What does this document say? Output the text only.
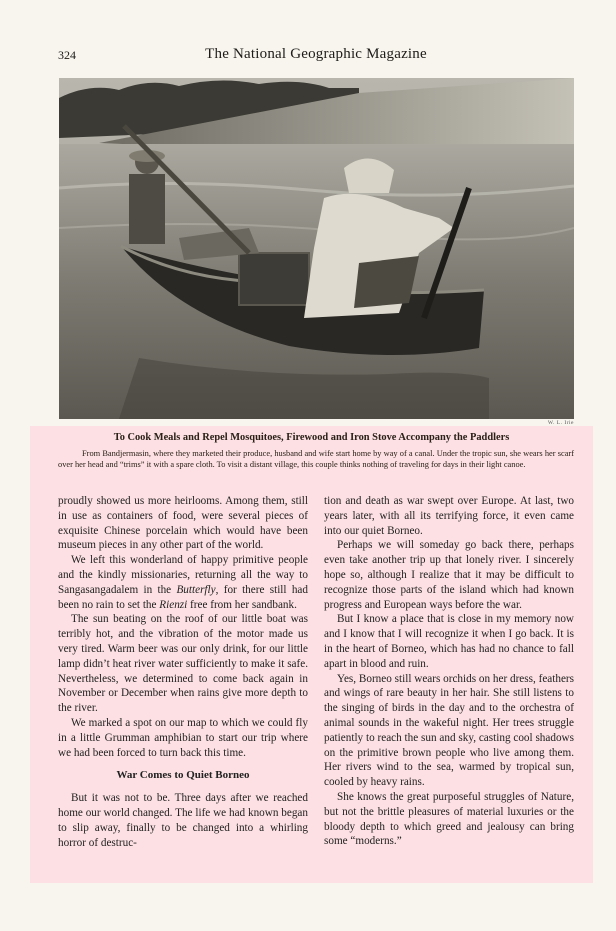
324	The National Geographic Magazine
W. L. Irie
To Cook Meals and Repel Mosquitoes, Firewood and Iron Stove Accompany the Paddlers
From Bandjermasin, where they marketed their produce, husband and wife start home by way of a canal. Under the tropic sun, she wears her scarf over her head and “trims” it with a spare cloth. To visit a distant village, this couple thinks nothing of traveling for days in their light canoe.

proudly showed us more heirlooms. Among them, still in use as containers of food, were several pieces of exquisite Chinese porcelain which would have been museum pieces in any other part of the world.

We left this wonderland of happy primitive people and the kindly missionaries, returning all the way to Sangasangadalem in the Butterfly, for there still had been no rain to set the Rienzi free from her sandbank.

The sun beating on the roof of our little boat was terribly hot, and the vibration of the motor made us very tired. Warm beer was our only drink, for our little lamp didn’t heat river water sufficiently to make it safe. Nevertheless, we determined to come back again in November or December when rains give more depth to the river.

We marked a spot on our map to which we could fly in a little Grumman amphibian to start our trip where we had been forced to turn back this time.

War Comes to Quiet Borneo

But it was not to be. Three days after we reached home our world changed. The life we had known began to slip away, finally to be changed into a whirling horror of destruc-

tion and death as war swept over Europe. At last, two years later, with all its terrifying force, it even came into our quiet Borneo.

Perhaps we will someday go back there, perhaps even take another trip up that lonely river. I sincerely hope so, although I realize that it may be difficult to recognize those parts of the island which had known progress and European ways before the war.

But I know a place that is close in my memory now and I know that I will recognize it when I go back. It is in the heart of Borneo, which has had no chance to fall apart in blood and ruin.

Yes, Borneo still wears orchids on her dress, feathers and wings of rare beauty in her hair. She still listens to the singing of birds in the day and to the orchestra of animal sounds in the wakeful night. Her trees struggle patiently to reach the sun and sky, casting cool shadows on the primitive brown people who live among them. Her rivers wind to the sea, warmed by tropical sun, cooled by heavy rains.

She knows the great purposeful struggles of Nature, but not the brittle pleasures of material luxuries or the bloody depth to which greed and jealousy can bring some “moderns.”
